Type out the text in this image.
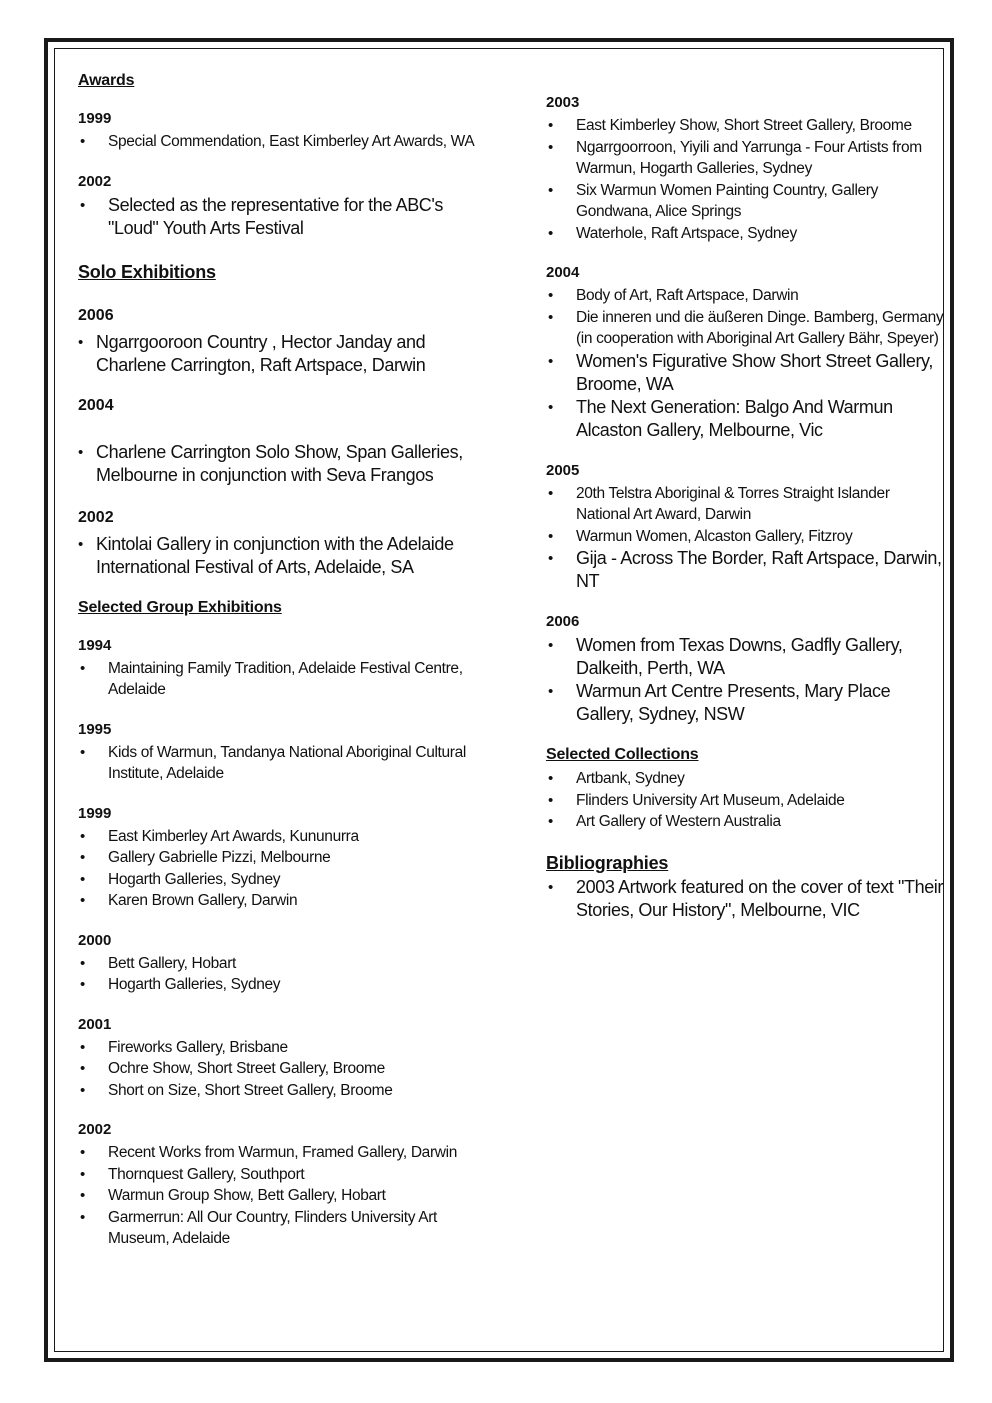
Awards
1999
• Special Commendation, East Kimberley Art Awards, WA
2002
• Selected as the representative for the ABC's "Loud" Youth Arts Festival
Solo Exhibitions
2006
• Ngarrgooroon Country , Hector Janday and Charlene Carrington, Raft Artspace, Darwin
2004
• Charlene Carrington Solo Show, Span Galleries, Melbourne in conjunction with Seva Frangos
2002
• Kintolai Gallery in conjunction with the Adelaide International Festival of Arts, Adelaide, SA
Selected Group Exhibitions
1994
• Maintaining Family Tradition, Adelaide Festival Centre, Adelaide
1995
• Kids of Warmun, Tandanya National Aboriginal Cultural Institute, Adelaide
1999
• East Kimberley Art Awards, Kununurra
• Gallery Gabrielle Pizzi, Melbourne
• Hogarth Galleries, Sydney
• Karen Brown Gallery, Darwin
2000
• Bett Gallery, Hobart
• Hogarth Galleries, Sydney
2001
• Fireworks Gallery, Brisbane
• Ochre Show, Short Street Gallery, Broome
• Short on Size, Short Street Gallery, Broome
2002
• Recent Works from Warmun, Framed Gallery, Darwin
• Thornquest Gallery, Southport
• Warmun Group Show, Bett Gallery, Hobart
• Garmerrun: All Our Country, Flinders University Art Museum, Adelaide
2003
• East Kimberley Show, Short Street Gallery, Broome
• Ngarrgoorroon, Yiyili and Yarrunga - Four Artists from Warmun, Hogarth Galleries, Sydney
• Six Warmun Women Painting Country, Gallery Gondwana, Alice Springs
• Waterhole, Raft Artspace, Sydney
2004
• Body of Art, Raft Artspace, Darwin
• Die inneren und die äußeren Dinge. Bamberg, Germany (in cooperation with Aboriginal Art Gallery Bähr, Speyer)
• Women's Figurative Show Short Street Gallery, Broome, WA
• The Next Generation: Balgo And Warmun Alcaston Gallery, Melbourne, Vic
2005
• 20th Telstra Aboriginal & Torres Straight Islander National Art Award, Darwin
• Warmun Women, Alcaston Gallery, Fitzroy
• Gija - Across The Border, Raft Artspace, Darwin, NT
2006
• Women from Texas Downs, Gadfly Gallery, Dalkeith, Perth, WA
• Warmun Art Centre Presents, Mary Place Gallery, Sydney, NSW
Selected Collections
• Artbank, Sydney
• Flinders University Art Museum, Adelaide
• Art Gallery of Western Australia
Bibliographies
• 2003 Artwork featured on the cover of text "Their Stories, Our History", Melbourne, VIC
